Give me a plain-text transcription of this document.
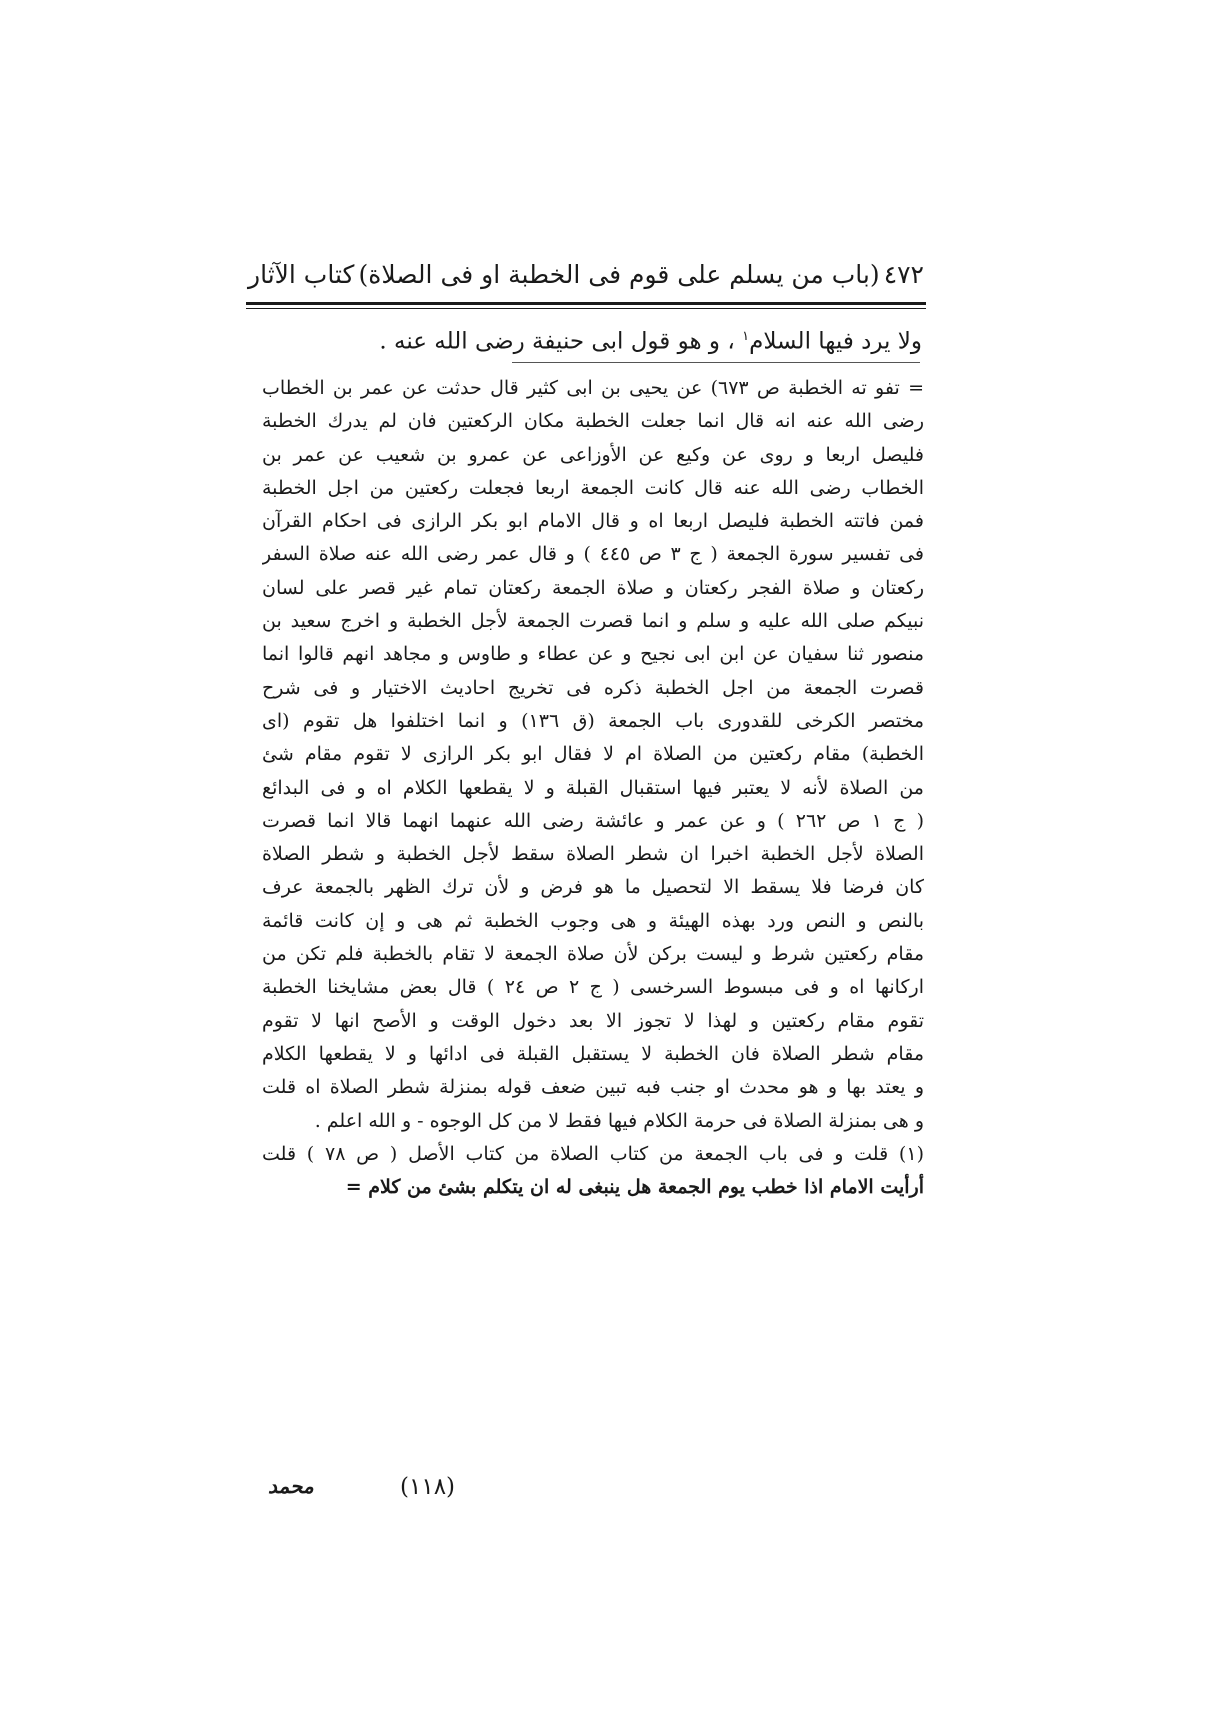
٤٧٢
(باب من يسلم على قوم فى الخطبة او فى الصلاة)
كتاب الآثار
ولا يرد فيها السلام$^١$ ، و هو قول ابى حنيفة رضى الله عنه .
= تفو ته الخطبة ص ٦٧٣) عن يحيى بن ابى كثير قال حدثت عن عمر بن الخطاب
رضى الله عنه انه قال انما جعلت الخطبة مكان الركعتين فان لم يدرك الخطبة
فليصل اربعا و روى عن وكيع عن الأوزاعى عن عمرو بن شعيب عن عمر بن
الخطاب رضى الله عنه قال كانت الجمعة اربعا فجعلت ركعتين من اجل الخطبة
فمن فاتته الخطبة فليصل اربعا اه و قال الامام ابو بكر الرازى فى احكام القرآن
فى تفسير سورة الجمعة ( ج ٣ ص ٤٤٥ ) و قال عمر رضى الله عنه صلاة السفر
ركعتان و صلاة الفجر ركعتان و صلاة الجمعة ركعتان تمام غير قصر على لسان
نبيكم صلى الله عليه و سلم و انما قصرت الجمعة لأجل الخطبة و اخرج سعيد بن
منصور ثنا سفيان عن ابن ابى نجيح و عن عطاء و طاوس و مجاهد انهم قالوا انما
قصرت الجمعة من اجل الخطبة ذكره فى تخريج احاديث الاختيار و فى شرح
مختصر الكرخى للقدورى باب الجمعة (ق ١٣٦) و انما اختلفوا هل تقوم (اى
الخطبة) مقام ركعتين من الصلاة ام لا فقال ابو بكر الرازى لا تقوم مقام شئ
من الصلاة لأنه لا يعتبر فيها استقبال القبلة و لا يقطعها الكلام اه و فى البدائع
( ج ١ ص ٢٦٢ ) و عن عمر و عائشة رضى الله عنهما انهما قالا انما قصرت
الصلاة لأجل الخطبة اخبرا ان شطر الصلاة سقط لأجل الخطبة و شطر الصلاة
كان فرضا فلا يسقط الا لتحصيل ما هو فرض و لأن ترك الظهر بالجمعة عرف
بالنص و النص ورد بهذه الهيئة و هى وجوب الخطبة ثم هى و إن كانت قائمة
مقام ركعتين شرط و ليست بركن لأن صلاة الجمعة لا تقام بالخطبة فلم تكن من
اركانها اه و فى مبسوط السرخسى ( ج ٢ ص ٢٤ ) قال بعض مشايخنا الخطبة
تقوم مقام ركعتين و لهذا لا تجوز الا بعد دخول الوقت و الأصح انها لا تقوم
مقام شطر الصلاة فان الخطبة لا يستقبل القبلة فى ادائها و لا يقطعها الكلام
و يعتد بها و هو محدث او جنب فبه تبين ضعف قوله بمنزلة شطر الصلاة اه قلت
و هى بمنزلة الصلاة فى حرمة الكلام فيها فقط لا من كل الوجوه - و الله اعلم .
(١) قلت و فى باب الجمعة من كتاب الصلاة من كتاب الأصل ( ص ٧٨ ) قلت
أرأيت الامام اذا خطب يوم الجمعة هل ينبغى له ان يتكلم بشئ من كلام =
محمد	(١١٨)
